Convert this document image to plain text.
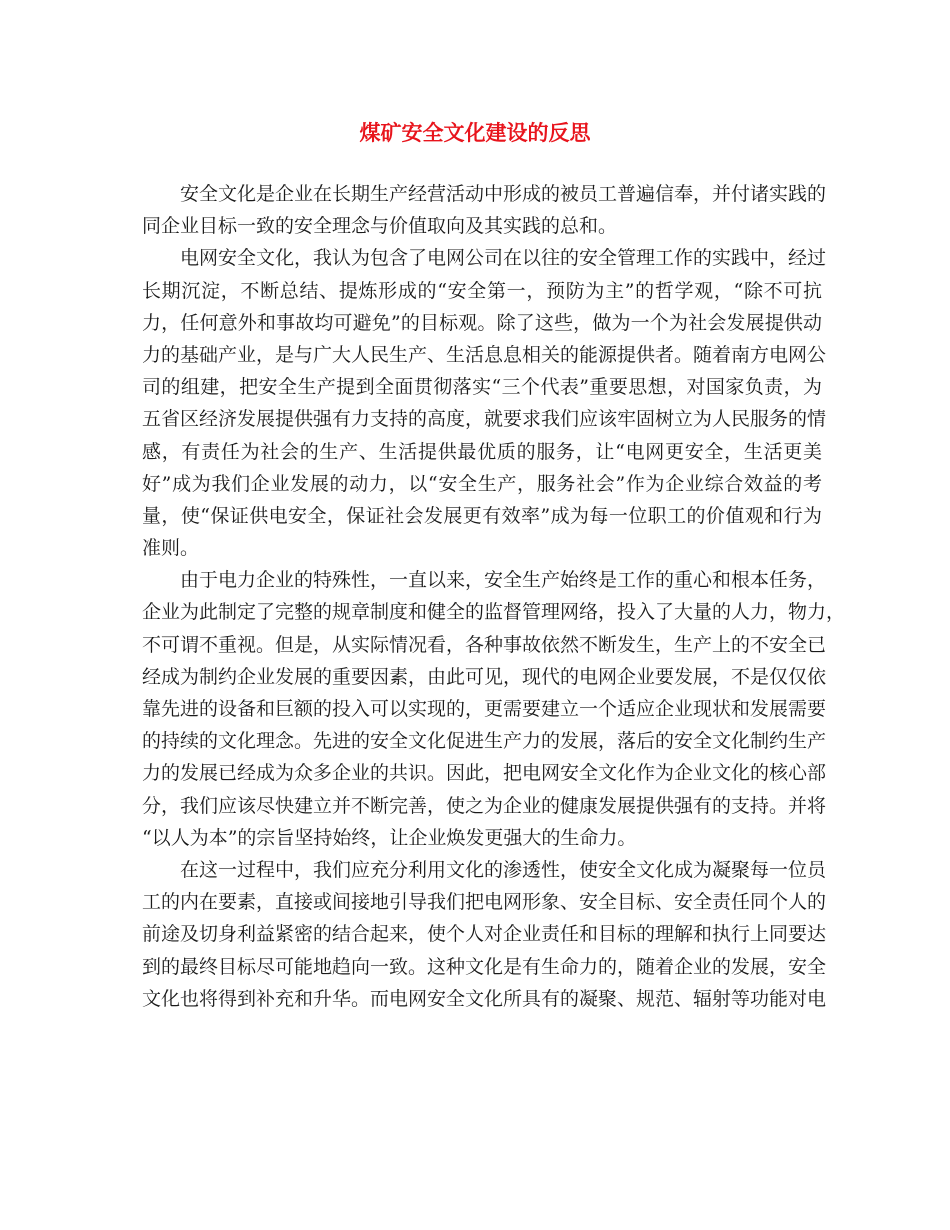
煤矿安全文化建设的反思

安全文化是企业在长期生产经营活动中形成的被员工普遍信奉，并付诸实践的
同企业目标一致的安全理念与价值取向及其实践的总和。

电网安全文化，我认为包含了电网公司在以往的安全管理工作的实践中，经过
长期沉淀，不断总结、提炼形成的“安全第一，预防为主”的哲学观，“除不可抗
力，任何意外和事故均可避免”的目标观。除了这些，做为一个为社会发展提供动
力的基础产业，是与广大人民生产、生活息息相关的能源提供者。随着南方电网公
司的组建，把安全生产提到全面贯彻落实“三个代表”重要思想，对国家负责，为
五省区经济发展提供强有力支持的高度，就要求我们应该牢固树立为人民服务的情
感，有责任为社会的生产、生活提供最优质的服务，让“电网更安全，生活更美
好”成为我们企业发展的动力，以“安全生产，服务社会”作为企业综合效益的考
量，使“保证供电安全，保证社会发展更有效率”成为每一位职工的价值观和行为
准则。

由于电力企业的特殊性，一直以来，安全生产始终是工作的重心和根本任务，
企业为此制定了完整的规章制度和健全的监督管理网络，投入了大量的人力，物力，
不可谓不重视。但是，从实际情况看，各种事故依然不断发生，生产上的不安全已
经成为制约企业发展的重要因素，由此可见，现代的电网企业要发展，不是仅仅依
靠先进的设备和巨额的投入可以实现的，更需要建立一个适应企业现状和发展需要
的持续的文化理念。先进的安全文化促进生产力的发展，落后的安全文化制约生产
力的发展已经成为众多企业的共识。因此，把电网安全文化作为企业文化的核心部
分，我们应该尽快建立并不断完善，使之为企业的健康发展提供强有的支持。并将
“以人为本”的宗旨坚持始终，让企业焕发更强大的生命力。

在这一过程中，我们应充分利用文化的渗透性，使安全文化成为凝聚每一位员
工的内在要素，直接或间接地引导我们把电网形象、安全目标、安全责任同个人的
前途及切身利益紧密的结合起来，使个人对企业责任和目标的理解和执行上同要达
到的最终目标尽可能地趋向一致。这种文化是有生命力的，随着企业的发展，安全
文化也将得到补充和升华。而电网安全文化所具有的凝聚、规范、辐射等功能对电
